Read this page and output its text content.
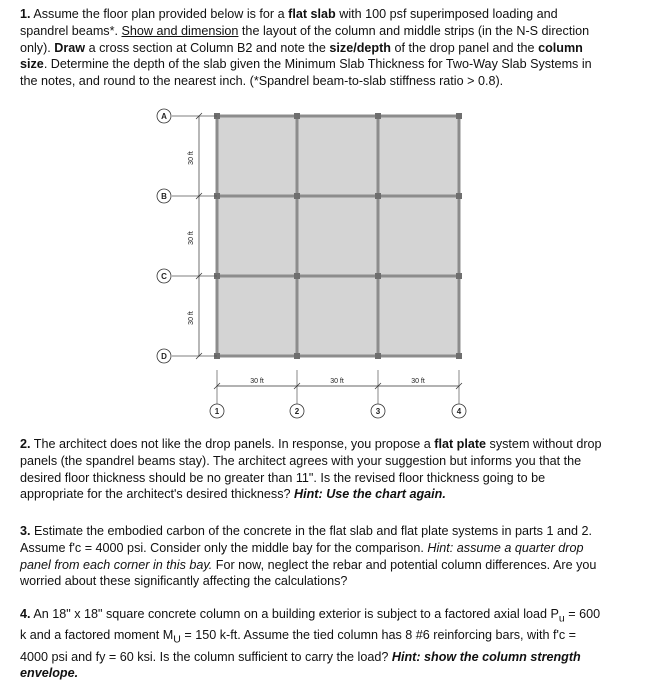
1. Assume the floor plan provided below is for a flat slab with 100 psf superimposed loading and spandrel beams*. Show and dimension the layout of the column and middle strips (in the N-S direction only). Draw a cross section at Column B2 and note the size/depth of the drop panel and the column size. Determine the depth of the slab given the Minimum Slab Thickness for Two-Way Slab Systems in the notes, and round to the nearest inch. (*Spandrel beam-to-slab stiffness ratio > 0.8).

30 ft
30 ft
30 ft
30 ft	30 ft	30 ft
A
B
C
D
1	2	3	4

2. The architect does not like the drop panels. In response, you propose a flat plate system without drop panels (the spandrel beams stay). The architect agrees with your suggestion but informs you that the desired floor thickness should be no greater than 11". Is the revised floor thickness going to be appropriate for the architect's desired thickness? Hint: Use the chart again.

3. Estimate the embodied carbon of the concrete in the flat slab and flat plate systems in parts 1 and 2. Assume f'c = 4000 psi. Consider only the middle bay for the comparison. Hint: assume a quarter drop panel from each corner in this bay. For now, neglect the rebar and potential column differences. Are you worried about these significantly affecting the calculations?

4. An 18" x 18" square concrete column on a building exterior is subject to a factored axial load $P_u = 600$ k and a factored moment $M_U = 150$ k-ft. Assume the tied column has 8 #6 reinforcing bars, with f'c = 4000 psi and fy = 60 ksi. Is the column sufficient to carry the load? Hint: show the column strength envelope.
